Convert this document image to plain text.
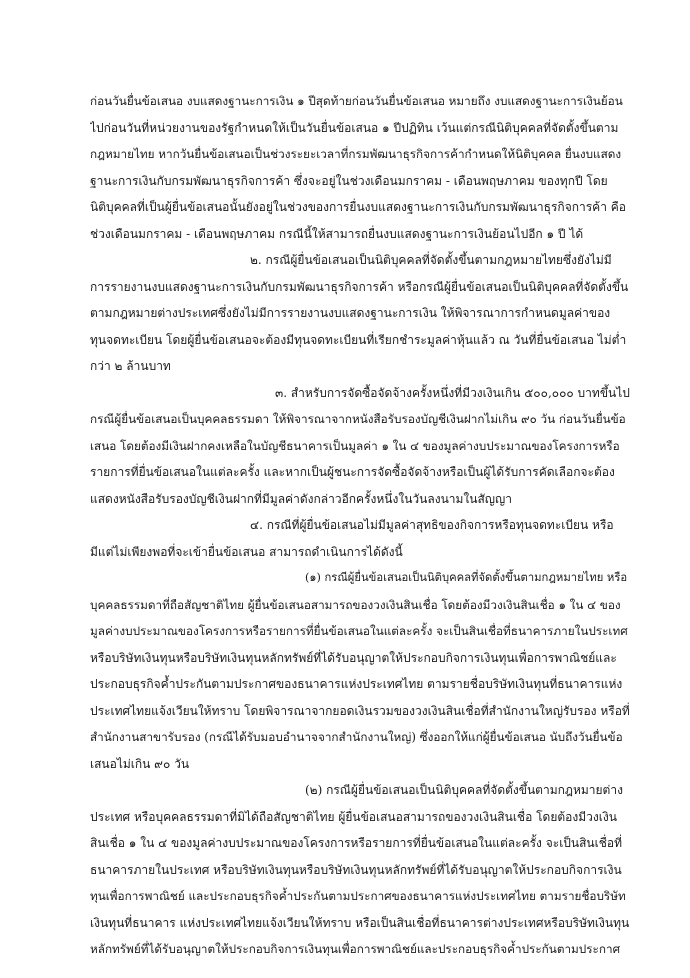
ก่อนวันยื่นข้อเสนอ งบแสดงฐานะการเงิน ๑ ปีสุดท้ายก่อนวันยื่นข้อเสนอ หมายถึง งบแสดงฐานะการเงินย้อน
ไปก่อนวันที่หน่วยงานของรัฐกำหนดให้เป็นวันยื่นข้อเสนอ ๑ ปีปฏิทิน เว้นแต่กรณีนิติบุคคลที่จัดตั้งขึ้นตาม
กฎหมายไทย หากวันยื่นข้อเสนอเป็นช่วงระยะเวลาที่กรมพัฒนาธุรกิจการค้ากำหนดให้นิติบุคคล ยื่นงบแสดง
ฐานะการเงินกับกรมพัฒนาธุรกิจการค้า ซึ่งจะอยู่ในช่วงเดือนมกราคม - เดือนพฤษภาคม ของทุกปี โดย
นิติบุคคลที่เป็นผู้ยื่นข้อเสนอนั้นยังอยู่ในช่วงของการยื่นงบแสดงฐานะการเงินกับกรมพัฒนาธุรกิจการค้า คือ
ช่วงเดือนมกราคม - เดือนพฤษภาคม กรณีนี้ให้สามารถยื่นงบแสดงฐานะการเงินย้อนไปอีก ๑ ปี ได้
๒. กรณีผู้ยื่นข้อเสนอเป็นนิติบุคคลที่จัดตั้งขึ้นตามกฎหมายไทยซึ่งยังไม่มี
การรายงานงบแสดงฐานะการเงินกับกรมพัฒนาธุรกิจการค้า หรือกรณีผู้ยื่นข้อเสนอเป็นนิติบุคคลที่จัดตั้งขึ้น
ตามกฎหมายต่างประเทศซึ่งยังไม่มีการรายงานงบแสดงฐานะการเงิน ให้พิจารณาการกำหนดมูลค่าของ
ทุนจดทะเบียน โดยผู้ยื่นข้อเสนอจะต้องมีทุนจดทะเบียนที่เรียกชำระมูลค่าหุ้นแล้ว ณ วันที่ยื่นข้อเสนอ ไม่ต่ำ
กว่า ๒ ล้านบาท
๓. สำหรับการจัดซื้อจัดจ้างครั้งหนึ่งที่มีวงเงินเกิน ๕๐๐,๐๐๐ บาทขึ้นไป
กรณีผู้ยื่นข้อเสนอเป็นบุคคลธรรมดา ให้พิจารณาจากหนังสือรับรองบัญชีเงินฝากไม่เกิน ๙๐ วัน ก่อนวันยื่นข้อ
เสนอ โดยต้องมีเงินฝากคงเหลือในบัญชีธนาคารเป็นมูลค่า ๑ ใน ๔ ของมูลค่างบประมาณของโครงการหรือ
รายการที่ยื่นข้อเสนอในแต่ละครั้ง และหากเป็นผู้ชนะการจัดซื้อจัดจ้างหรือเป็นผู้ได้รับการคัดเลือกจะต้อง
แสดงหนังสือรับรองบัญชีเงินฝากที่มีมูลค่าดังกล่าวอีกครั้งหนึ่งในวันลงนามในสัญญา
๔. กรณีที่ผู้ยื่นข้อเสนอไม่มีมูลค่าสุทธิของกิจการหรือทุนจดทะเบียน หรือ
มีแต่ไม่เพียงพอที่จะเข้ายื่นข้อเสนอ สามารถดำเนินการได้ดังนี้
(๑) กรณีผู้ยื่นข้อเสนอเป็นนิติบุคคลที่จัดตั้งขึ้นตามกฎหมายไทย หรือ
บุคคลธรรมดาที่ถือสัญชาติไทย ผู้ยื่นข้อเสนอสามารถของวงเงินสินเชื่อ โดยต้องมีวงเงินสินเชื่อ ๑ ใน ๔ ของ
มูลค่างบประมาณของโครงการหรือรายการที่ยื่นข้อเสนอในแต่ละครั้ง จะเป็นสินเชื่อที่ธนาคารภายในประเทศ
หรือบริษัทเงินทุนหรือบริษัทเงินทุนหลักทรัพย์ที่ได้รับอนุญาตให้ประกอบกิจการเงินทุนเพื่อการพาณิชย์และ
ประกอบธุรกิจค้ำประกันตามประกาศของธนาคารแห่งประเทศไทย ตามรายชื่อบริษัทเงินทุนที่ธนาคารแห่ง
ประเทศไทยแจ้งเวียนให้ทราบ โดยพิจารณาจากยอดเงินรวมของวงเงินสินเชื่อที่สำนักงานใหญ่รับรอง หรือที่
สำนักงานสาขารับรอง (กรณีได้รับมอบอำนาจจากสำนักงานใหญ่) ซึ่งออกให้แก่ผู้ยื่นข้อเสนอ นับถึงวันยื่นข้อ
เสนอไม่เกิน ๙๐ วัน
(๒) กรณีผู้ยื่นข้อเสนอเป็นนิติบุคคลที่จัดตั้งขึ้นตามกฎหมายต่าง
ประเทศ หรือบุคคลธรรมดาที่มิได้ถือสัญชาติไทย ผู้ยื่นข้อเสนอสามารถของวงเงินสินเชื่อ โดยต้องมีวงเงิน
สินเชื่อ ๑ ใน ๔ ของมูลค่างบประมาณของโครงการหรือรายการที่ยื่นข้อเสนอในแต่ละครั้ง จะเป็นสินเชื่อที่
ธนาคารภายในประเทศ หรือบริษัทเงินทุนหรือบริษัทเงินทุนหลักทรัพย์ที่ได้รับอนุญาตให้ประกอบกิจการเงิน
ทุนเพื่อการพาณิชย์ และประกอบธุรกิจค้ำประกันตามประกาศของธนาคารแห่งประเทศไทย ตามรายชื่อบริษัท
เงินทุนที่ธนาคาร แห่งประเทศไทยแจ้งเวียนให้ทราบ หรือเป็นสินเชื่อที่ธนาคารต่างประเทศหรือบริษัทเงินทุน
หลักทรัพย์ที่ได้รับอนุญาตให้ประกอบกิจการเงินทุนเพื่อการพาณิชย์และประกอบธุรกิจค้ำประกันตามประกาศ
